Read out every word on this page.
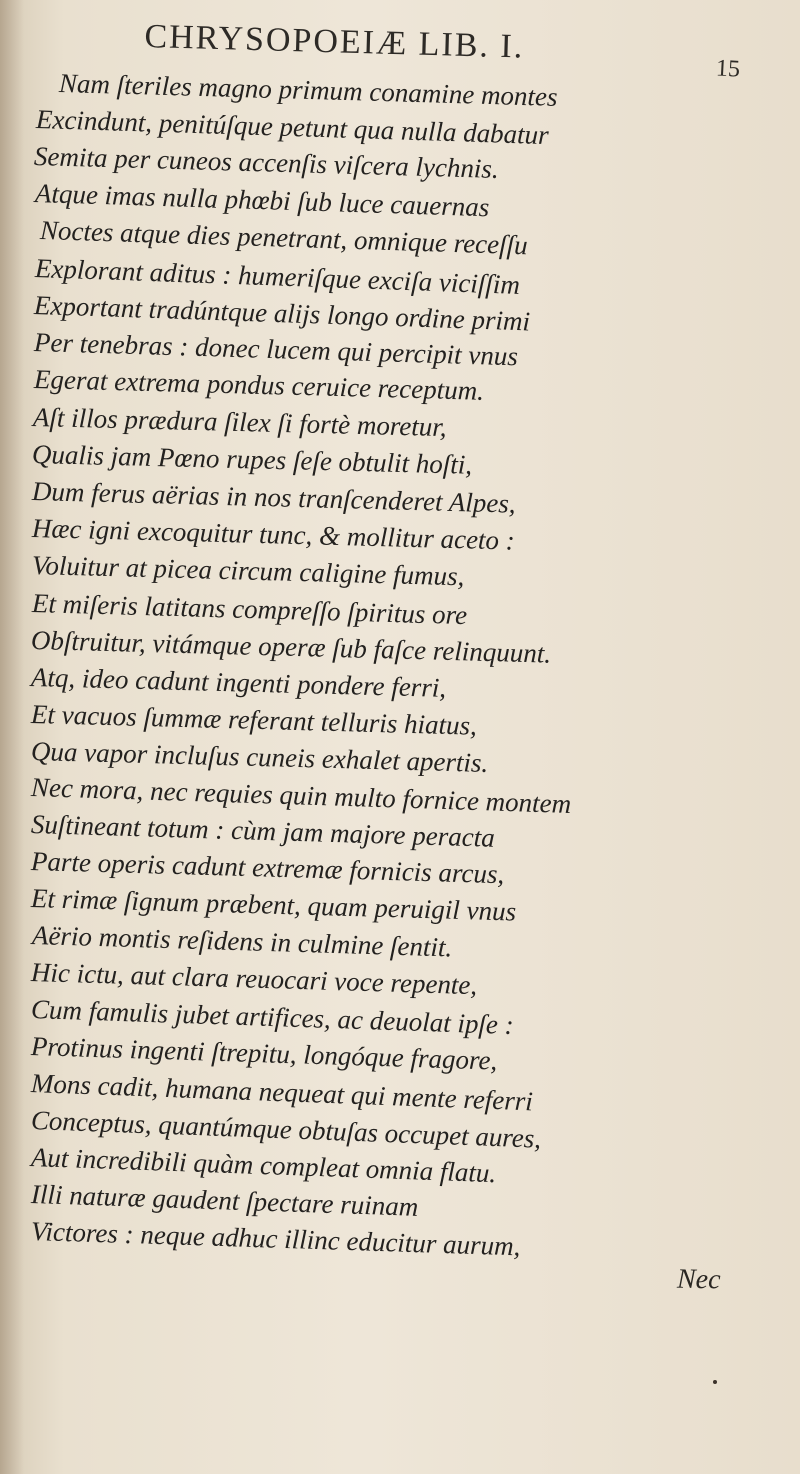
CHRYSOPOEIÆ LIB. I.
15
Nam ſteriles magno primum conamine montes
Excindunt, penitúſque petunt qua nulla dabatur
Semita per cuneos accenſis viſcera lychnis.
Atque imas nulla phœbi ſub luce cauernas
Noctes atque dies penetrant, omnique receſſu
Explorant aditus : humeriſque exciſa viciſſim
Exportant tradúntque alijs longo ordine primi
Per tenebras : donec lucem qui percipit vnus
Egerat extrema pondus ceruice receptum.
Aſt illos prædura ſilex ſi fortè moretur,
Qualis jam Pœno rupes ſeſe obtulit hoſti,
Dum ferus aërias in nos tranſcenderet Alpes,
Hæc igni excoquitur tunc, & mollitur aceto :
Voluitur at picea circum caligine fumus,
Et miſeris latitans compreſſo ſpiritus ore
Obſtruitur, vitámque operæ ſub faſce relinquunt.
Atq, ideo cadunt ingenti pondere ferri,
Et vacuos ſummæ referant telluris hiatus,
Qua vapor incluſus cuneis exhalet apertis.
Nec mora, nec requies quin multo fornice montem
Suſtineant totum : cùm jam majore peracta
Parte operis cadunt extremæ fornicis arcus,
Et rimæ ſignum præbent, quam peruigil vnus
Aërio montis reſidens in culmine ſentit.
Hic ictu, aut clara reuocari voce repente,
Cum famulis jubet artifices, ac deuolat ipſe :
Protinus ingenti ſtrepitu, longóque fragore,
Mons cadit, humana nequeat qui mente referri
Conceptus, quantúmque obtuſas occupet aures,
Aut incredibili quàm compleat omnia flatu.
Illi naturæ gaudent ſpectare ruinam
Victores : neque adhuc illinc educitur aurum,
Nec
